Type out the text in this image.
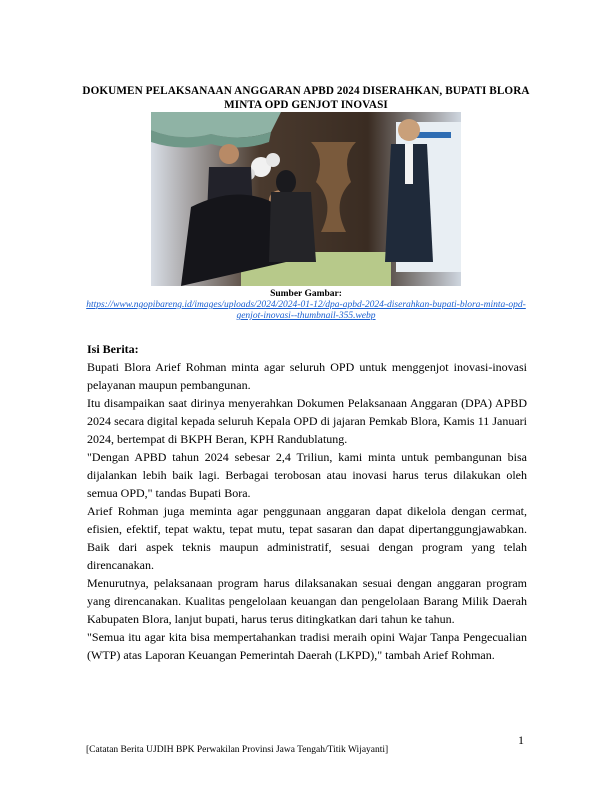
DOKUMEN PELAKSANAAN ANGGARAN APBD 2024 DISERAHKAN, BUPATI BLORA MINTA OPD GENJOT INOVASI
Sumber Gambar:
https://www.ngopibareng.id/images/uploads/2024/2024-01-12/dpa-apbd-2024-diserahkan-bupati-blora-minta-opd-genjot-inovasi--thumbnail-355.webp
Isi Berita:

Bupati Blora Arief Rohman minta agar seluruh OPD untuk menggenjot inovasi-inovasi pelayanan maupun pembangunan.

Itu disampaikan saat dirinya menyerahkan Dokumen Pelaksanaan Anggaran (DPA) APBD 2024 secara digital kepada seluruh Kepala OPD di jajaran Pemkab Blora, Kamis 11 Januari 2024, bertempat di BKPH Beran, KPH Randublatung.

"Dengan APBD tahun 2024 sebesar 2,4 Triliun, kami minta untuk pembangunan bisa dijalankan lebih baik lagi. Berbagai terobosan atau inovasi harus terus dilakukan oleh semua OPD," tandas Bupati Bora.

Arief Rohman juga meminta agar penggunaan anggaran dapat dikelola dengan cermat, efisien, efektif, tepat waktu, tepat mutu, tepat sasaran dan dapat dipertanggungjawabkan. Baik dari aspek teknis maupun administratif, sesuai dengan program yang telah direncanakan.

Menurutnya, pelaksanaan program harus dilaksanakan sesuai dengan anggaran program yang direncanakan. Kualitas pengelolaan keuangan dan pengelolaan Barang Milik Daerah Kabupaten Blora, lanjut bupati, harus terus ditingkatkan dari tahun ke tahun.

"Semua itu agar kita bisa mempertahankan tradisi meraih opini Wajar Tanpa Pengecualian (WTP) atas Laporan Keuangan Pemerintah Daerah (LKPD)," tambah Arief Rohman.

1
[Catatan Berita UJDIH BPK Perwakilan Provinsi Jawa Tengah/Titik Wijayanti]
